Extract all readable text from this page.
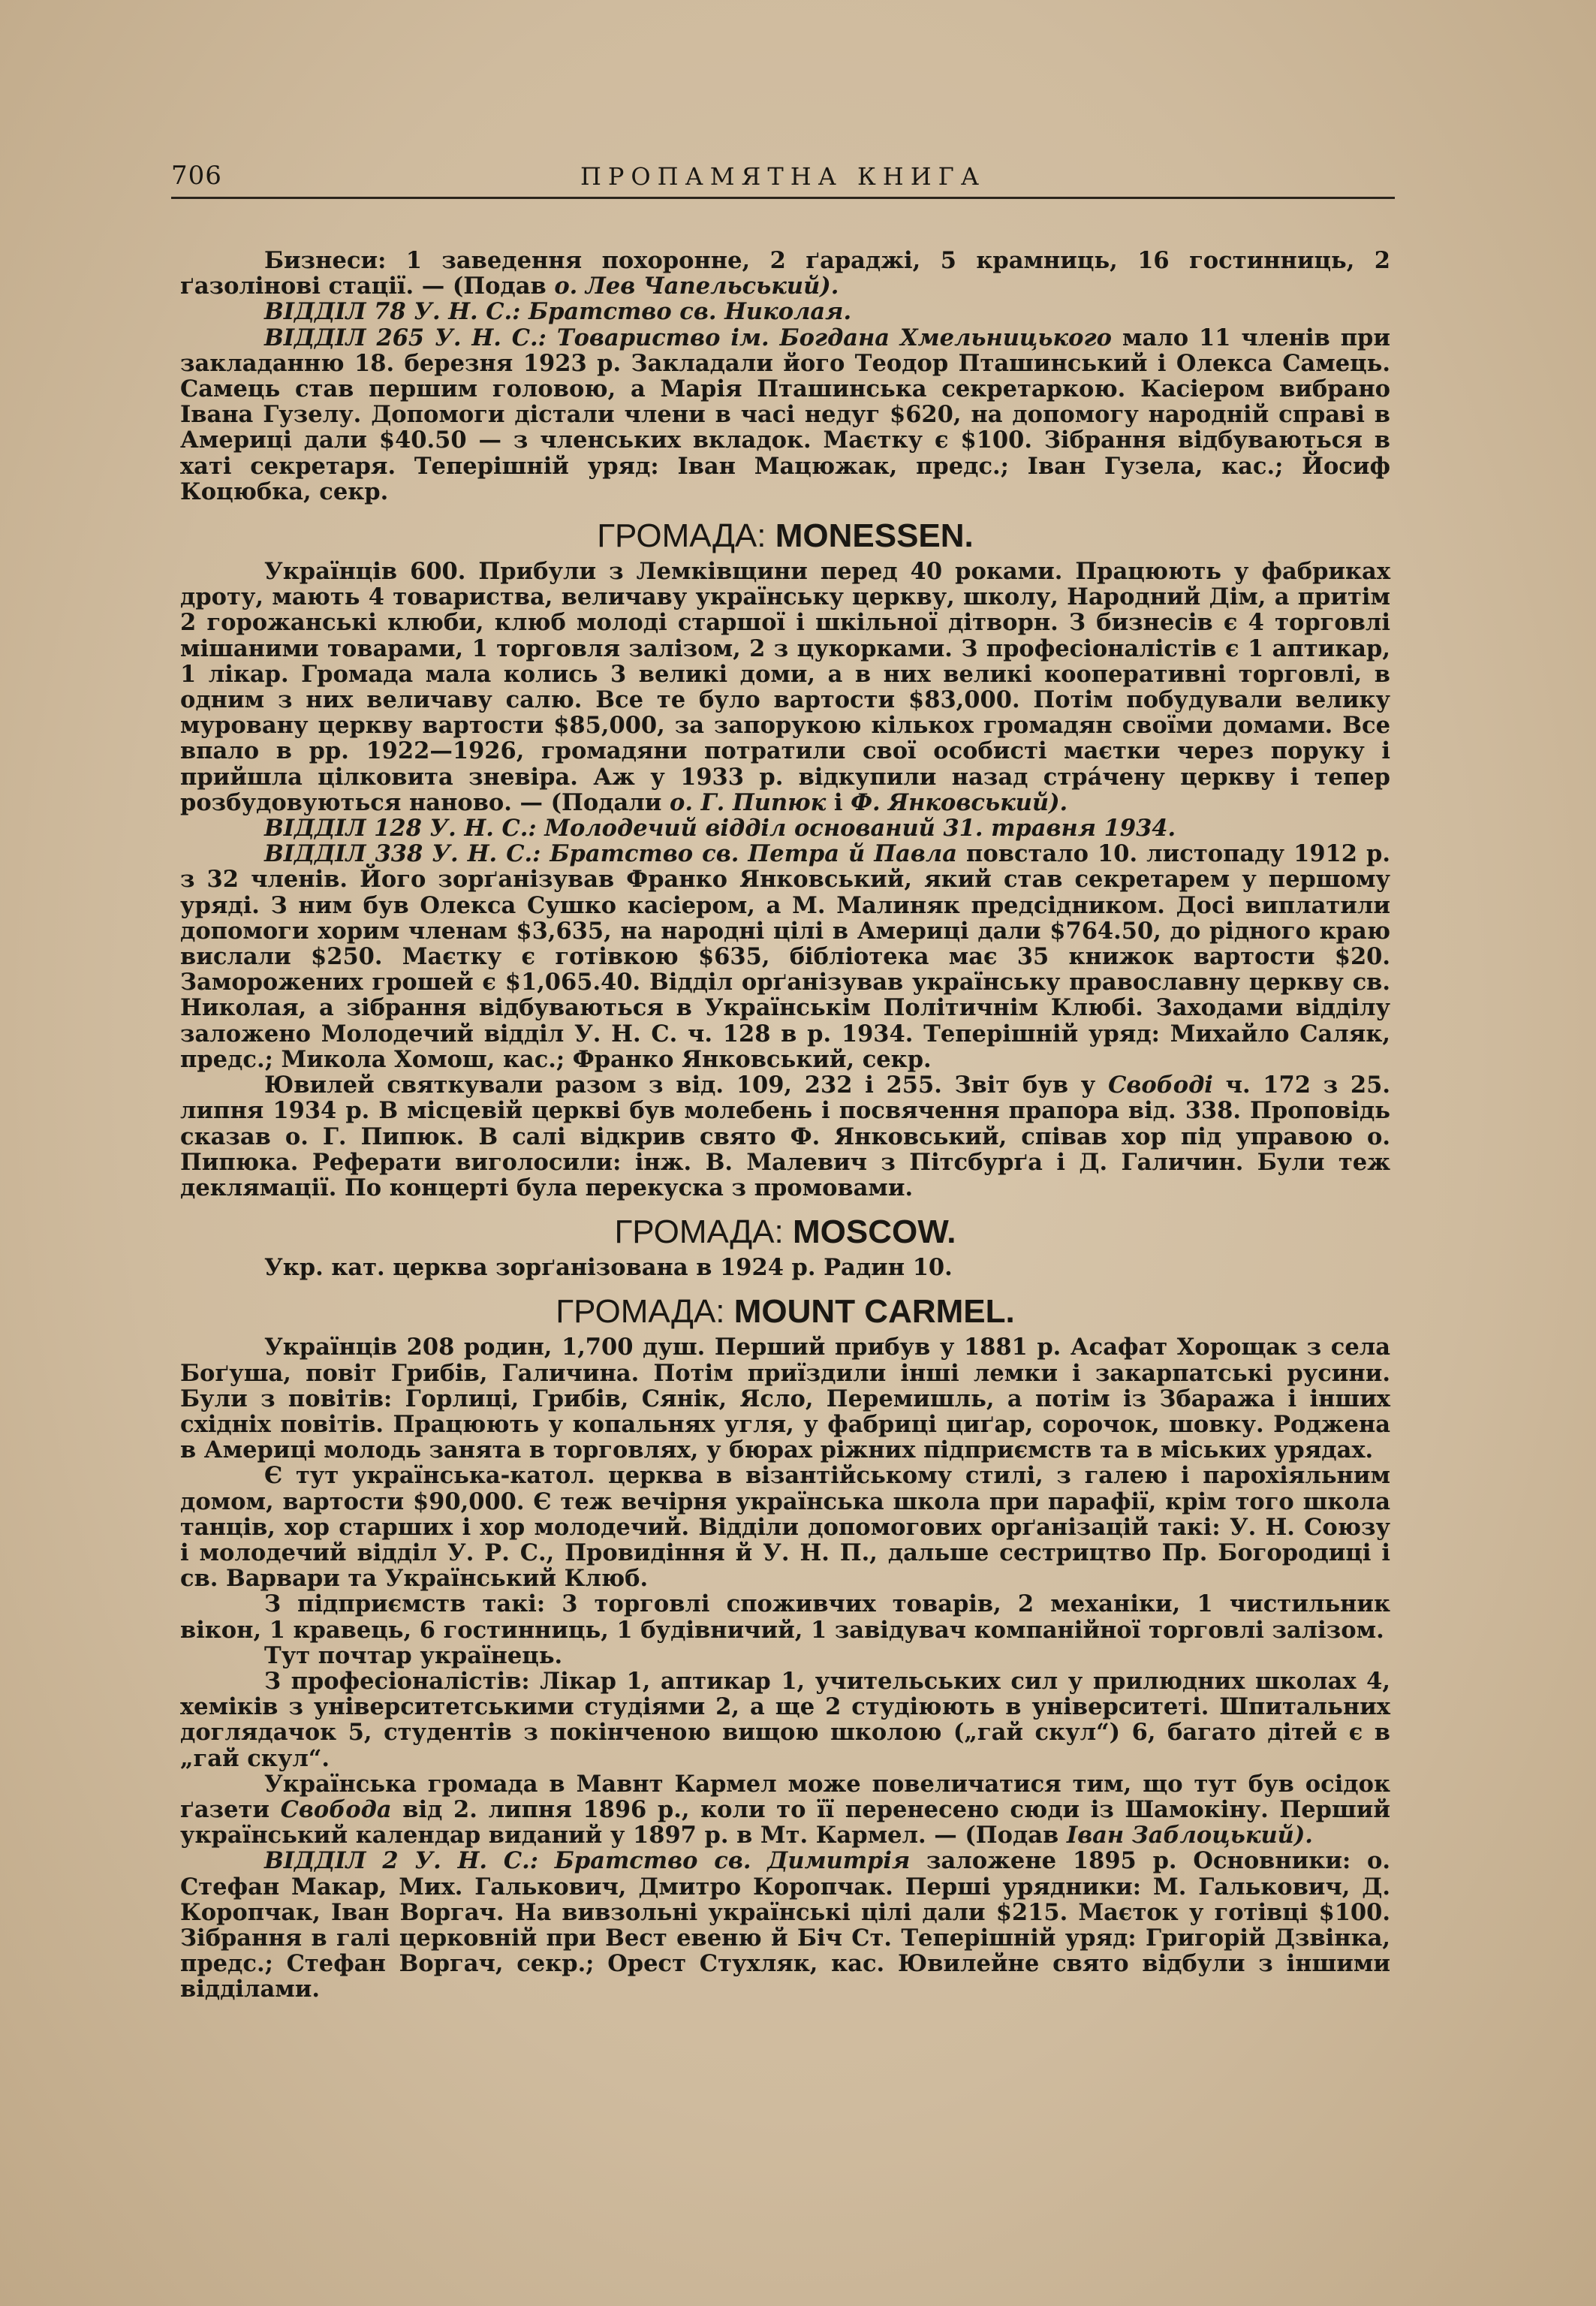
706	ПРОПАМЯТНА КНИГА

Бизнеси: 1 заведення похоронне, 2 ґараджі, 5 крамниць, 16 гостинниць, 2 ґазолінові стації. — (Подав о. Лев Чапельський).

ВІДДІЛ 78 У. Н. С.: Братство св. Николая.

ВІДДІЛ 265 У. Н. С.: Товариство ім. Богдана Хмельницького мало 11 членів при закладанню 18. березня 1923 р. Закладали його Теодор Пташинський і Олекса Самець. Самець став першим головою, а Марія Пташинська секретаркою. Касіером вибрано Івана Гузелу. Допомоги дістали члени в часі недуг $620, на допомогу народній справі в Америці дали $40.50 — з членських вкладок. Маєтку є $100. Зібрання відбуваються в хаті секретаря. Теперішній уряд: Іван Мацюжак, предс.; Іван Гузела, кас.; Йосиф Коцюбка, секр.

ГРОМАДА: MONESSEN.

Українців 600. Прибули з Лемківщини перед 40 роками. Працюють у фабриках дроту, мають 4 товариства, величаву українську церкву, школу, Народний Дім, а притім 2 горожанські клюби, клюб молоді старшої і шкільної дітворн. З бизнесів є 4 торговлі мішаними товарами, 1 торговля залізом, 2 з цукорками. З професіоналістів є 1 аптикар, 1 лікар. Громада мала колись 3 великі доми, а в них великі кооперативні торговлі, в одним з них величаву салю. Все те було вартости $83,000. Потім побудували велику муровану церкву вартости $85,000, за запорукою кількох громадян своїми домами. Все впало в рр. 1922—1926, громадяни потратили свої особисті маєтки через поруку і прийшла цілковита зневіра. Аж у 1933 р. відкупили назад стрáчену церкву і тепер розбудовуються наново. — (Подали о. Г. Пипюк і Ф. Янковський).

ВІДДІЛ 128 У. Н. С.: Молодечий відділ оснований 31. травня 1934.

ВІДДІЛ 338 У. Н. С.: Братство св. Петра й Павла повстало 10. листопаду 1912 р. з 32 членів. Його зорґанізував Франко Янковський, який став секретарем у першому уряді. З ним був Олекса Сушко касіером, а М. Малиняк предсідником. Досі виплатили допомоги хорим членам $3,635, на народні цілі в Америці дали $764.50, до рідного краю вислали $250. Маєтку є готівкою $635, бібліотека має 35 книжок вартости $20. Заморожених грошей є $1,065.40. Відділ орґанізував українську православну церкву св. Николая, а зібрання відбуваються в Українськім Політичнім Клюбі. Заходами відділу заложено Молодечий відділ У. Н. С. ч. 128 в р. 1934. Теперішній уряд: Михайло Саляк, предс.; Микола Хомош, кас.; Франко Янковський, секр.

Ювилей святкували разом з від. 109, 232 і 255. Звіт був у Свободі ч. 172 з 25. липня 1934 р. В місцевій церкві був молебень і посвячення прапора від. 338. Проповідь сказав о. Г. Пипюк. В салі відкрив свято Ф. Янковський, співав хор під управою о. Пипюка. Реферати виголосили: інж. В. Малевич з Пітсбурґа і Д. Галичин. Були теж деклямації. По концерті була перекуска з промовами.

ГРОМАДА: MOSCOW.

Укр. кат. церква зорґанізована в 1924 р. Радин 10.

ГРОМАДА: MOUNT CARMEL.

Українців 208 родин, 1,700 душ. Перший прибув у 1881 р. Асафат Хорощак з села Боґуша, повіт Грибів, Галичина. Потім приїздили інші лемки і закарпатські русини. Були з повітів: Горлиці, Грибів, Сянік, Ясло, Перемишль, а потім із Збаража і інших східніх повітів. Працюють у копальнях угля, у фабриці циґар, сорочок, шовку. Роджена в Америці молодь занята в торговлях, у бюрах ріжних підприємств та в міських урядах.

Є тут українська-катол. церква в візантійському стилі, з галею і парохіяльним домом, вартости $90,000. Є теж вечірня українська школа при парафії, крім того школа танців, хор старших і хор молодечий. Відділи допомогових орґанізацій такі: У. Н. Союзу і молодечий відділ У. Р. С., Провидіння й У. Н. П., дальше сестрицтво Пр. Богородиці і св. Варвари та Український Клюб.

З підприємств такі: 3 торговлі споживчих товарів, 2 механіки, 1 чистильник вікон, 1 кравець, 6 гостинниць, 1 будівничий, 1 завідувач компанійної торговлі залізом.

Тут почтар українець.

З професіоналістів: Лікар 1, аптикар 1, учительських сил у прилюдних школах 4, хеміків з університетськими студіями 2, а ще 2 студіюють в університеті. Шпитальних доглядачок 5, студентів з покінченою вищою школою („гай скул“) 6, багато дітей є в „гай скул“.

Українська громада в Мавнт Кармел може повеличатися тим, що тут був осідок ґазети Свобода від 2. липня 1896 р., коли то її перенесено сюди із Шамокіну. Перший український календар виданий у 1897 р. в Мт. Кармел. — (Подав Іван Заблоцький).

ВІДДІЛ 2 У. Н. С.: Братство св. Димитрія заложене 1895 р. Основники: о. Стефан Макар, Мих. Галькович, Дмитро Коропчак. Перші урядники: М. Галькович, Д. Коропчак, Іван Воргач. На вивзольні українські цілі дали $215. Маєток у готівці $100. Зібрання в галі церковній при Вест евеню й Біч Ст. Теперішній уряд: Григорій Дзвінка, предс.; Стефан Воргач, секр.; Орест Стухляк, кас. Ювилейне свято відбули з іншими відділами.
